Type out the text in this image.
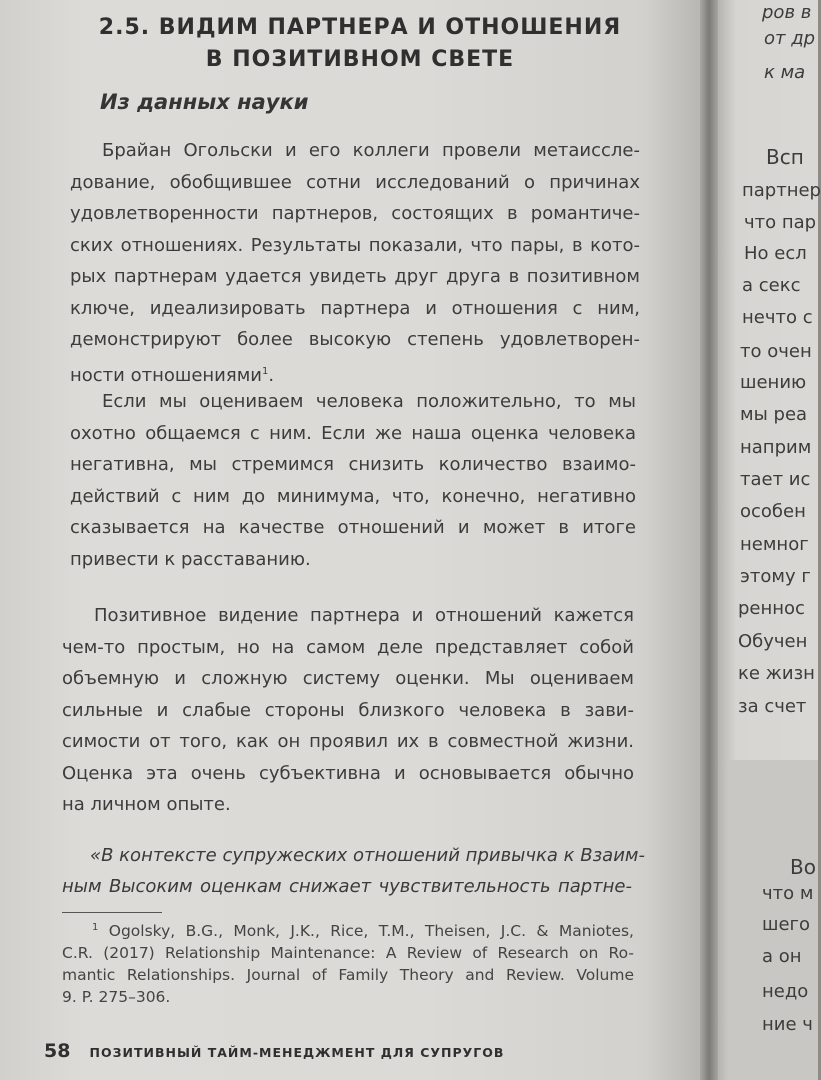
2.5. ВИДИМ ПАРТНЕРА И ОТНОШЕНИЯ
В ПОЗИТИВНОМ СВЕТЕ
Из данных науки
Брайан Огольски и его коллеги провели метаиссле-
дование, обобщившее сотни исследований о причинах
удовлетворенности партнеров, состоящих в романтиче-
ских отношениях. Результаты показали, что пары, в кото-
рых партнерам удается увидеть друг друга в позитивном
ключе, идеализировать партнера и отношения с ним,
демонстрируют более высокую степень удовлетворен-
ности отношениями$^1$.
Если мы оцениваем человека положительно, то мы
охотно общаемся с ним. Если же наша оценка человека
негативна, мы стремимся снизить количество взаимо-
действий с ним до минимума, что, конечно, негативно
сказывается на качестве отношений и может в итоге
привести к расставанию.
Позитивное видение партнера и отношений кажется
чем-то простым, но на самом деле представляет собой
объемную и сложную систему оценки. Мы оцениваем
сильные и слабые стороны близкого человека в зави-
симости от того, как он проявил их в совместной жизни.
Оценка эта очень субъективна и основывается обычно
на личном опыте.
«В контексте супружеских отношений привычка к Взаим-
ным Высоким оценкам снижает чувствительность партне-
$^1$ Ogolsky, B.G., Monk, J.K., Rice, T.M., Theisen, J.C. & Maniotes,
C.R. (2017) Relationship Maintenance: A Review of Research on Ro-
mantic Relationships. Journal of Family Theory and Review. Volume
9. P. 275–306.
58 ПОЗИТИВНЫЙ ТАЙМ-МЕНЕДЖМЕНТ ДЛЯ СУПРУГОВ
ров в
от др
к ма
Всп
партнер
что пар
Но есл
а секс
нечто с
то очен
шению
мы реа
наприм
тает ис
особен
немног
этому г
реннос
Обучен
ке жизн
за счет
Во
что м
шего
а он
недо
ние ч
